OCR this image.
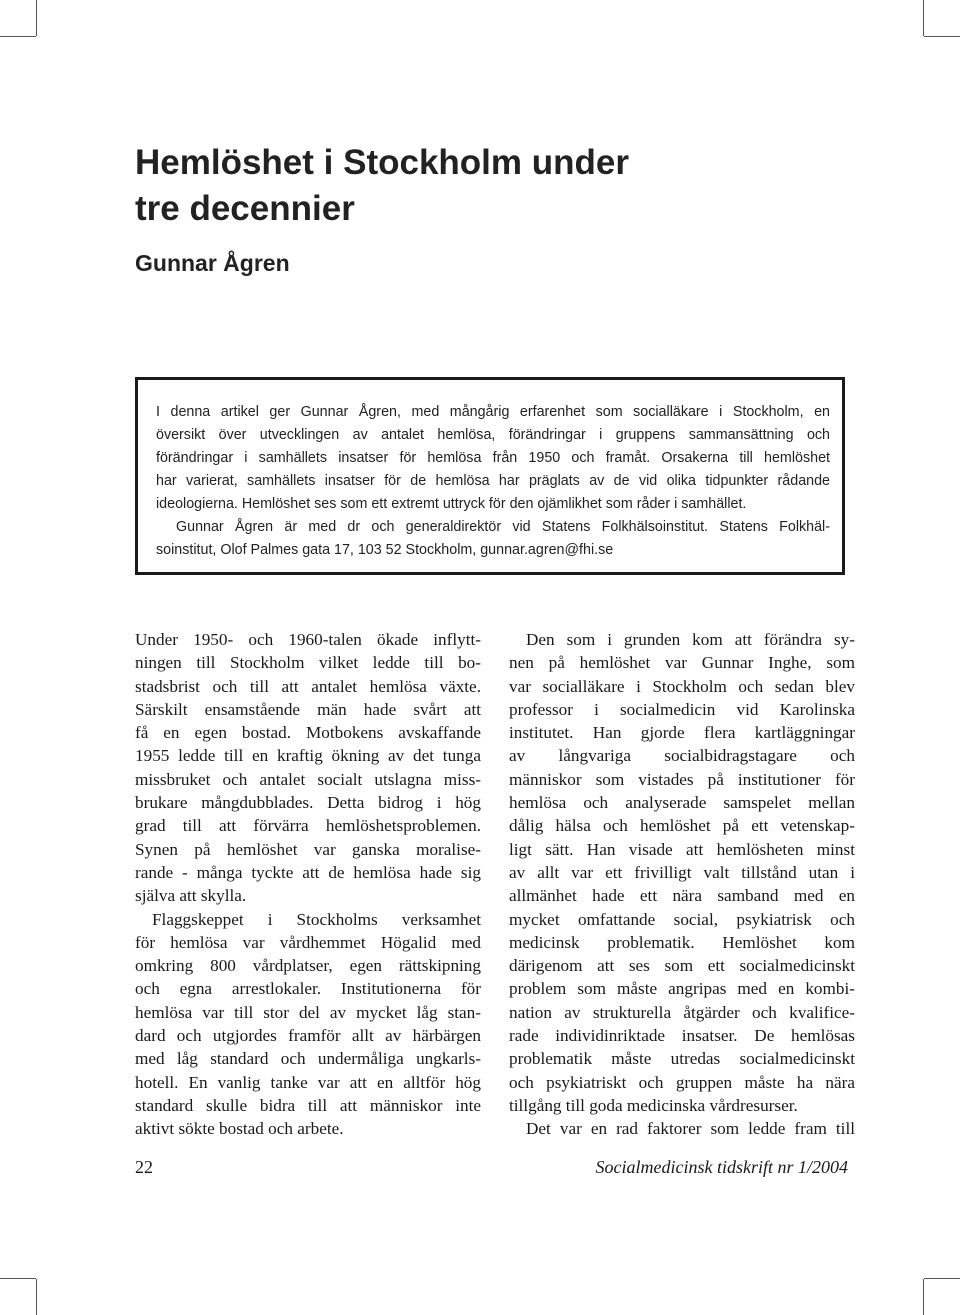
Hemlöshet i Stockholm under
tre decennier
Gunnar Ågren
I denna artikel ger Gunnar Ågren, med mångårig erfarenhet som socialläkare i Stockholm, en
översikt över utvecklingen av antalet hemlösa, förändringar i gruppens sammansättning och
förändringar i samhällets insatser för hemlösa från 1950 och framåt. Orsakerna till hemlöshet
har varierat, samhällets insatser för de hemlösa har präglats av de vid olika tidpunkter rådande
ideologierna. Hemlöshet ses som ett extremt uttryck för den ojämlikhet som råder i samhället.
Gunnar Ågren är med dr och generaldirektör vid Statens Folkhälsoinstitut. Statens Folkhäl-
soinstitut, Olof Palmes gata 17, 103 52 Stockholm, gunnar.agren@fhi.se
Under 1950- och 1960-talen ökade inflytt-
ningen till Stockholm vilket ledde till bo-
stadsbrist och till att antalet hemlösa växte.
Särskilt ensamstående män hade svårt att
få en egen bostad. Motbokens avskaffande
1955 ledde till en kraftig ökning av det tunga
missbruket och antalet socialt utslagna miss-
brukare mångdubblades. Detta bidrog i hög
grad till att förvärra hemlöshetsproblemen.
Synen på hemlöshet var ganska moralise-
rande - många tyckte att de hemlösa hade sig
själva att skylla.
Flaggskeppet i Stockholms verksamhet
för hemlösa var vårdhemmet Högalid med
omkring 800 vårdplatser, egen rättskipning
och egna arrestlokaler. Institutionerna för
hemlösa var till stor del av mycket låg stan-
dard och utgjordes framför allt av härbärgen
med låg standard och undermåliga ungkarls-
hotell. En vanlig tanke var att en alltför hög
standard skulle bidra till att människor inte
aktivt sökte bostad och arbete.
Den som i grunden kom att förändra sy-
nen på hemlöshet var Gunnar Inghe, som
var socialläkare i Stockholm och sedan blev
professor i socialmedicin vid Karolinska
institutet. Han gjorde flera kartläggningar
av långvariga socialbidragstagare och
människor som vistades på institutioner för
hemlösa och analyserade samspelet mellan
dålig hälsa och hemlöshet på ett vetenskap-
ligt sätt. Han visade att hemlösheten minst
av allt var ett frivilligt valt tillstånd utan i
allmänhet hade ett nära samband med en
mycket omfattande social, psykiatrisk och
medicinsk problematik. Hemlöshet kom
därigenom att ses som ett socialmedicinskt
problem som måste angripas med en kombi-
nation av strukturella åtgärder och kvalifice-
rade individinriktade insatser. De hemlösas
problematik måste utredas socialmedicinskt
och psykiatriskt och gruppen måste ha nära
tillgång till goda medicinska vårdresurser.
Det var en rad faktorer som ledde fram till
22	Socialmedicinsk tidskrift nr 1/2004
